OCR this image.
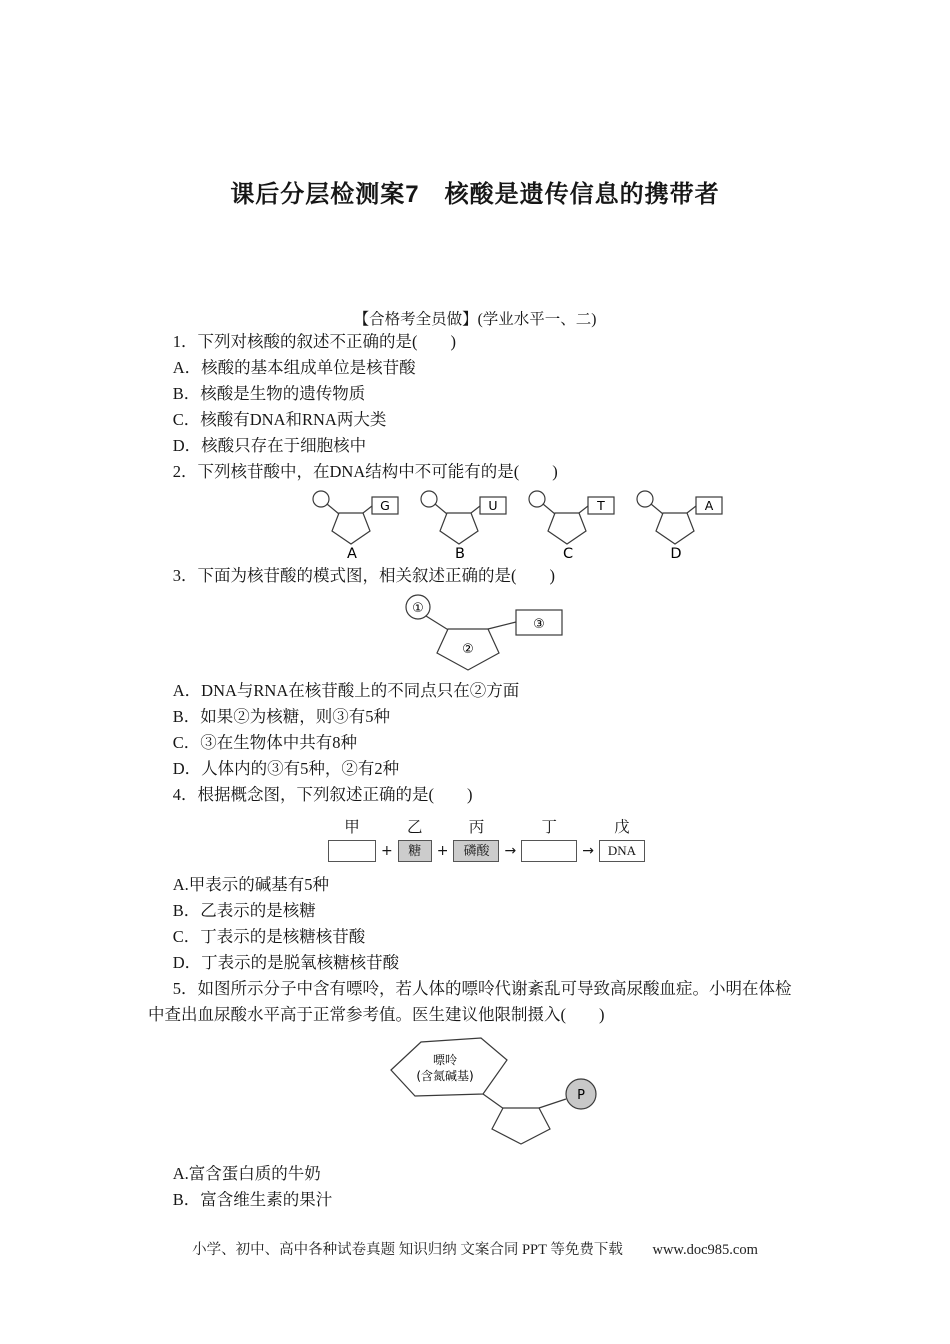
课后分层检测案7　核酸是遗传信息的携带者
【合格考全员做】(学业水平一、二)

1．下列对核酸的叙述不正确的是(　　)

A．核酸的基本组成单位是核苷酸

B．核酸是生物的遗传物质

C．核酸有DNA和RNA两大类

D．核酸只存在于细胞核中

2．下列核苷酸中，在DNA结构中不可能有的是(　　)

G
A
U
B
T
C
A
D

3．下面为核苷酸的模式图，相关叙述正确的是(　　)

①
②
③

A．DNA与RNA在核苷酸上的不同点只在②方面

B．如果②为核糖，则③有5种

C．③在生物体中共有8种

D．人体内的③有5种，②有2种

4．根据概念图，下列叙述正确的是(　　)

甲
+
乙
糖	+
丙
磷酸	→
丁
→
戊
DNA

A.甲表示的碱基有5种

B．乙表示的是核糖

C．丁表示的是核糖核苷酸

D．丁表示的是脱氧核糖核苷酸

5．如图所示分子中含有嘌呤，若人体的嘌呤代谢紊乱可导致高尿酸血症。小明在体检中查出血尿酸水平高于正常参考值。医生建议他限制摄入(　　)

嘌呤
(含氮碱基)
P

A.富含蛋白质的牛奶

B．富含维生素的果汁

小学、初中、高中各种试卷真题 知识归纳 文案合同 PPT 等免费下载 www.doc985.com
